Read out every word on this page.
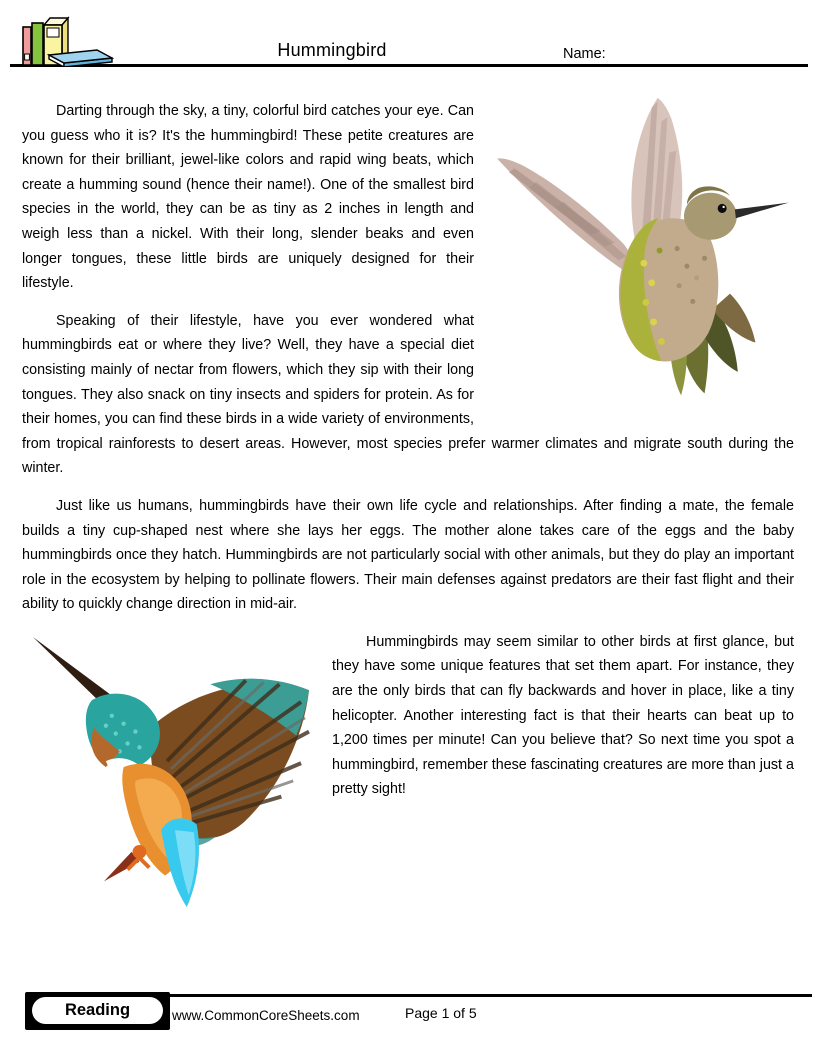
Hummingbird	Name:

Darting through the sky, a tiny, colorful bird catches your eye. Can you guess who it is? It's the hummingbird! These petite creatures are known for their brilliant, jewel-like colors and rapid wing beats, which create a humming sound (hence their name!). One of the smallest bird species in the world, they can be as tiny as 2 inches in length and weigh less than a nickel. With their long, slender beaks and even longer tongues, these little birds are uniquely designed for their lifestyle.

Speaking of their lifestyle, have you ever wondered what hummingbirds eat or where they live? Well, they have a special diet consisting mainly of nectar from flowers, which they sip with their long tongues. They also snack on tiny insects and spiders for protein. As for their homes, you can find these birds in a wide variety of environments, from tropical rainforests to desert areas. However, most species prefer warmer climates and migrate south during the winter.

Just like us humans, hummingbirds have their own life cycle and relationships. After finding a mate, the female builds a tiny cup-shaped nest where she lays her eggs. The mother alone takes care of the eggs and the baby hummingbirds once they hatch. Hummingbirds are not particularly social with other animals, but they do play an important role in the ecosystem by helping to pollinate flowers. Their main defenses against predators are their fast flight and their ability to quickly change direction in mid-air.

Hummingbirds may seem similar to other birds at first glance, but they have some unique features that set them apart. For instance, they are the only birds that can fly backwards and hover in place, like a tiny helicopter. Another interesting fact is that their hearts can beat up to 1,200 times per minute! Can you believe that? So next time you spot a hummingbird, remember these fascinating creatures are more than just a pretty sight!

Reading	www.CommonCoreSheets.com	Page 1 of 5
